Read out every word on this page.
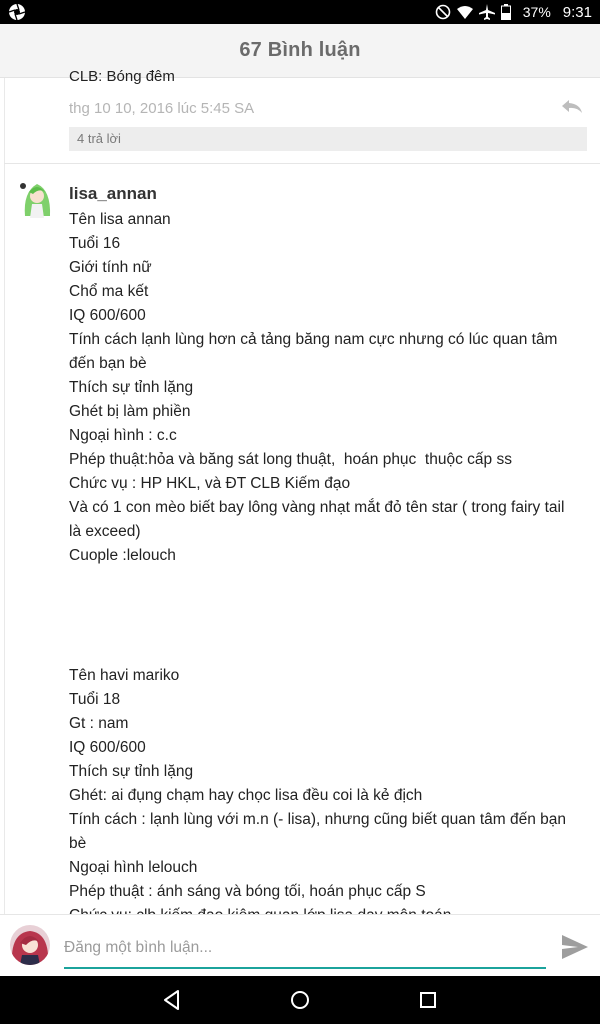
37% 9:31
67 Bình luận
CLB: Bóng đêm
thg 10 10, 2016 lúc 5:45 SA
4 trả lời
lisa_annan
Tên lisa annan
Tuổi 16
Giới tính nữ
Chổ ma kết
IQ 600/600
Tính cách lạnh lùng hơn cả tảng băng nam cực nhưng có lúc quan tâm
đến bạn bè
Thích sự tỉnh lặng
Ghét bị làm phiền
Ngoại hình : c.c
Phép thuật:hỏa và băng sát long thuật,  hoán phục  thuộc cấp ss
Chức vụ : HP HKL, và ĐT CLB Kiếm đạo
Và có 1 con mèo biết bay lông vàng nhạt mắt đỏ tên star ( trong fairy tail
là exceed)
Cuople :lelouch
Tên havi mariko
Tuổi 18
Gt : nam
IQ 600/600
Thích sự tỉnh lặng
Ghét: ai đụng chạm hay chọc lisa đều coi là kẻ địch
Tính cách : lạnh lùng với m.n (- lisa), nhưng cũng biết quan tâm đến bạn
bè
Ngoại hình lelouch
Phép thuật : ánh sáng và bóng tối, hoán phục cấp S
Đăng một bình luận...
